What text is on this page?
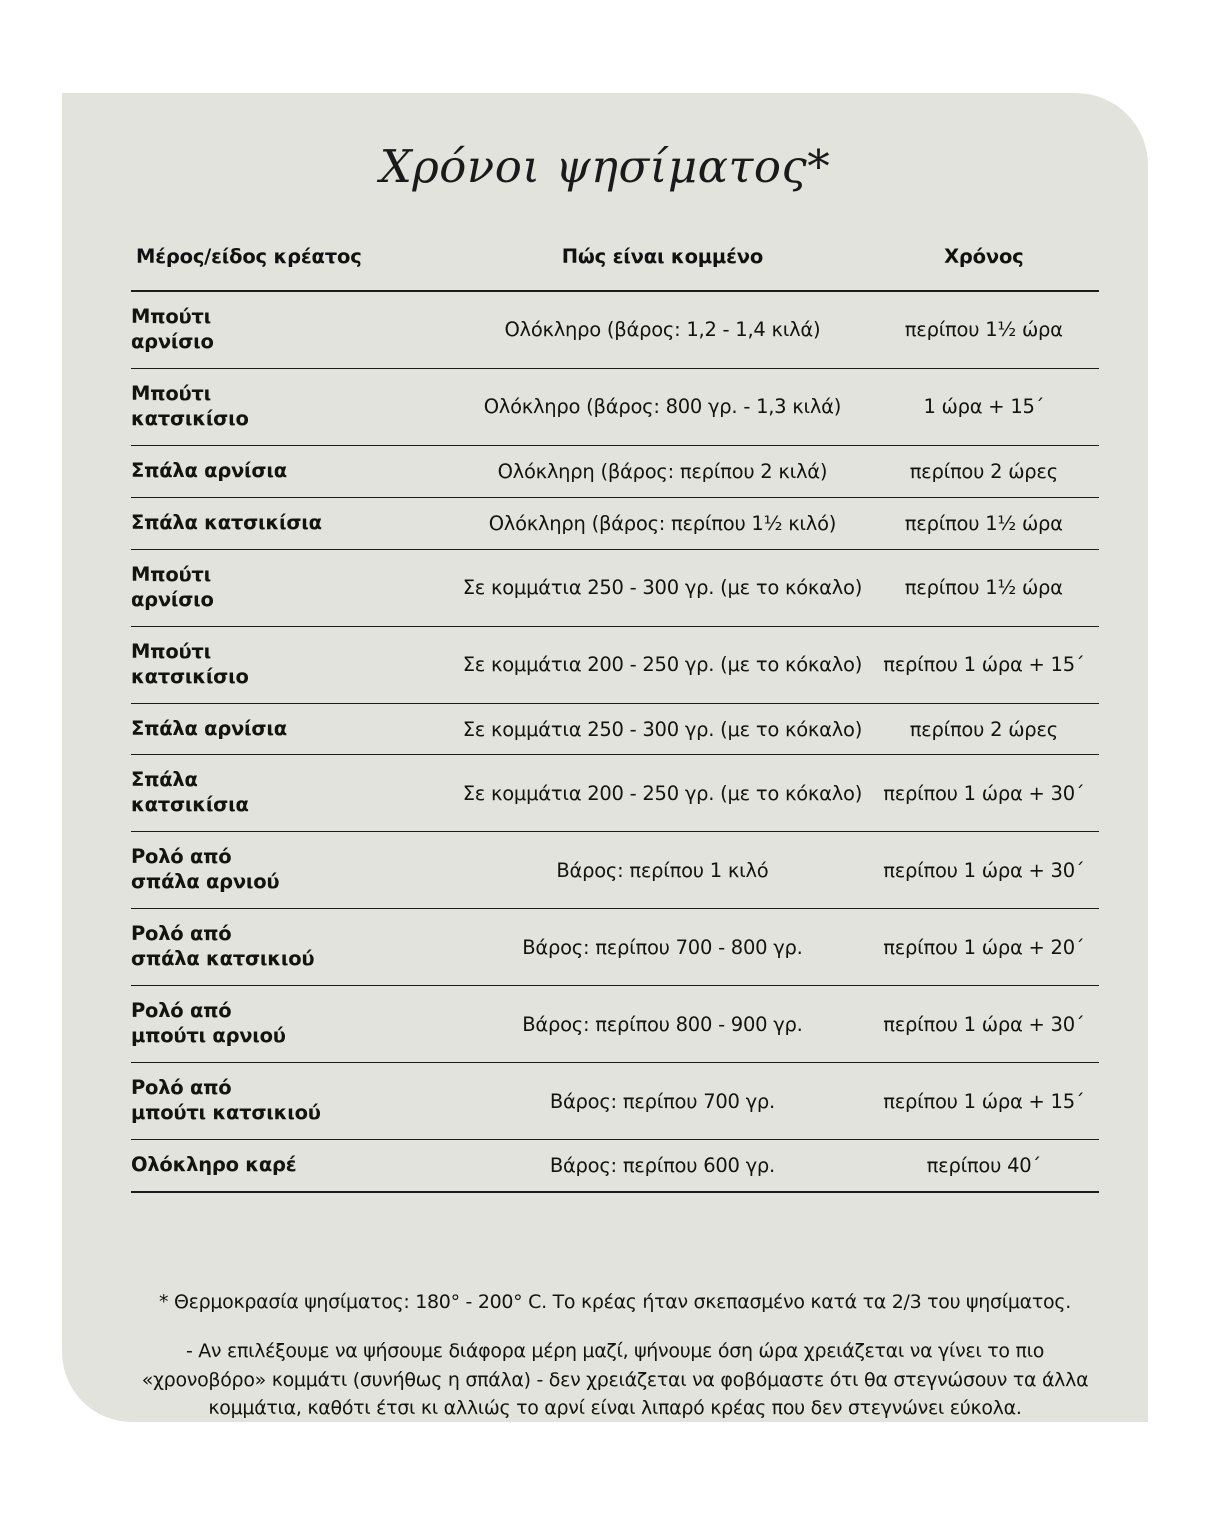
Χρόνοι ψησίματος*
Μέρος/είδος κρέατος	Πώς είναι κομμένο	Χρόνος
Μπούτι
αρνίσιο	Ολόκληρο (βάρος: 1,2 - 1,4 κιλά)	περίπου 1½ ώρα
Μπούτι
κατσικίσιο	Ολόκληρο (βάρος: 800 γρ. - 1,3 κιλά)	1 ώρα + 15΄
Σπάλα αρνίσια	Ολόκληρη (βάρος: περίπου 2 κιλά)	περίπου 2 ώρες
Σπάλα κατσικίσια	Ολόκληρη (βάρος: περίπου 1½ κιλό)	περίπου 1½ ώρα
Μπούτι
αρνίσιο	Σε κομμάτια 250 - 300 γρ. (με το κόκαλο)	περίπου 1½ ώρα
Μπούτι
κατσικίσιο	Σε κομμάτια 200 - 250 γρ. (με το κόκαλο)	περίπου 1 ώρα + 15΄
Σπάλα αρνίσια	Σε κομμάτια 250 - 300 γρ. (με το κόκαλο)	περίπου 2 ώρες
Σπάλα
κατσικίσια	Σε κομμάτια 200 - 250 γρ. (με το κόκαλο)	περίπου 1 ώρα + 30΄
Ρολό από
σπάλα αρνιού	Βάρος: περίπου 1 κιλό	περίπου 1 ώρα + 30΄
Ρολό από
σπάλα κατσικιού	Βάρος: περίπου 700 - 800 γρ.	περίπου 1 ώρα + 20΄
Ρολό από
μπούτι αρνιού	Βάρος: περίπου 800 - 900 γρ.	περίπου 1 ώρα + 30΄
Ρολό από
μπούτι κατσικιού	Βάρος: περίπου 700 γρ.	περίπου 1 ώρα + 15΄
Ολόκληρο καρέ	Βάρος: περίπου 600 γρ.	περίπου 40΄

* Θερμοκρασία ψησίματος: 180° - 200° C. Το κρέας ήταν σκεπασμένο κατά τα 2/3 του ψησίματος.

- Αν επιλέξουμε να ψήσουμε διάφορα μέρη μαζί, ψήνουμε όση ώρα χρειάζεται να γίνει το πιο «χρονοβόρο» κομμάτι (συνήθως η σπάλα) - δεν χρειάζεται να φοβόμαστε ότι θα στεγνώσουν τα άλλα κομμάτια, καθότι έτσι κι αλλιώς το αρνί είναι λιπαρό κρέας που δεν στεγνώνει εύκολα.
